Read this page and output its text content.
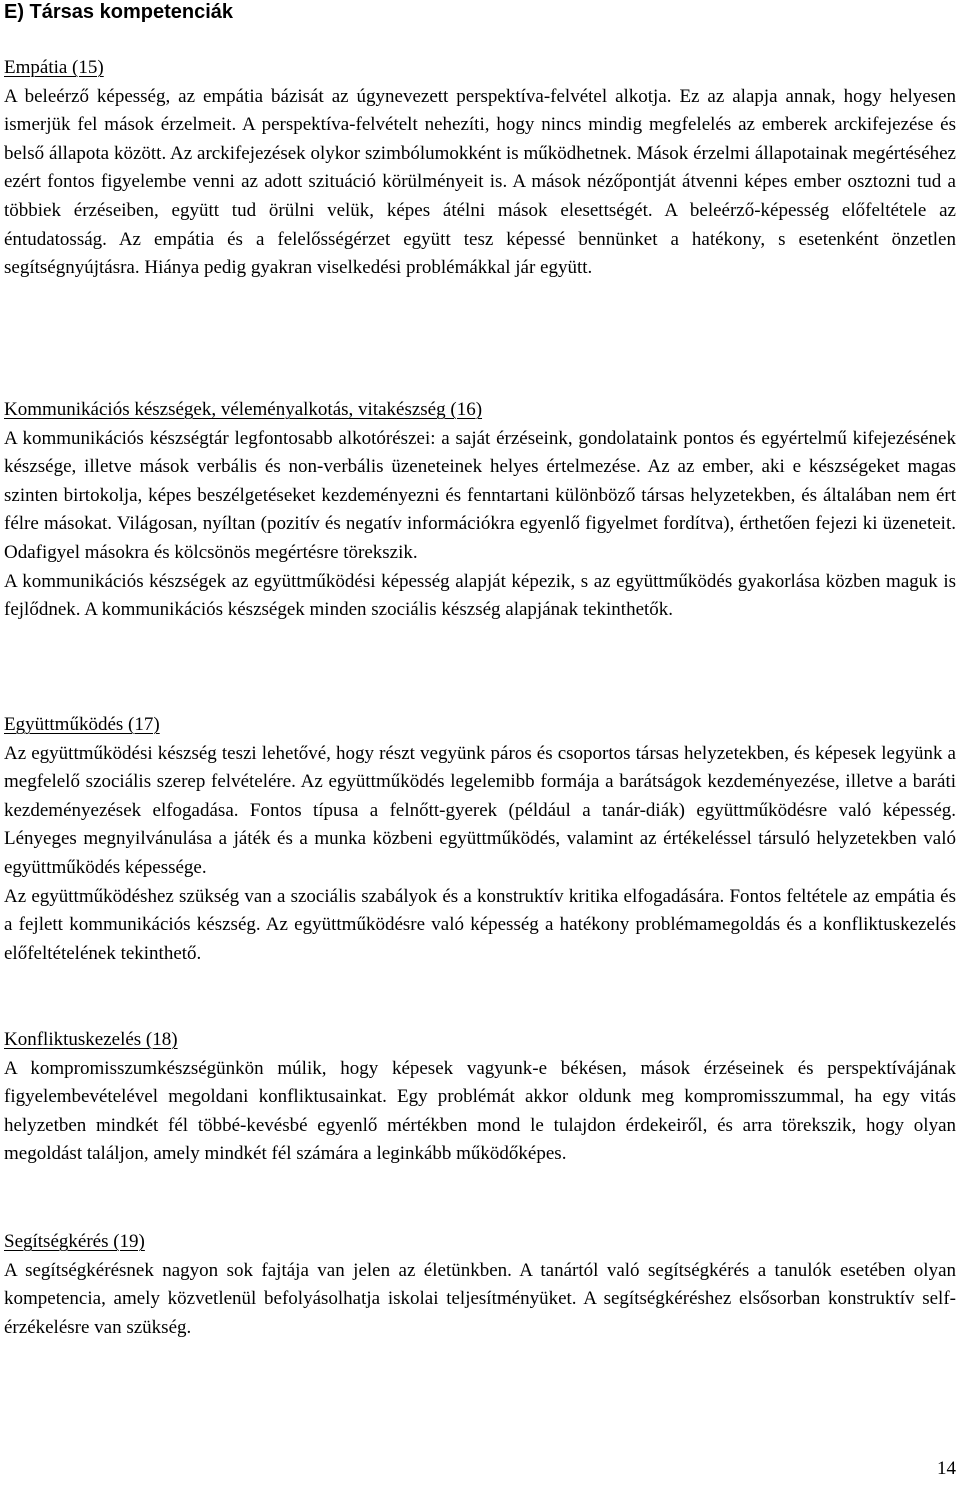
E) Társas kompetenciák

Empátia (15)

A beleérző képesség, az empátia bázisát az úgynevezett perspektíva-felvétel alkotja. Ez az alapja annak, hogy helyesen ismerjük fel mások érzelmeit. A perspektíva-felvételt nehezíti, hogy nincs mindig megfelelés az emberek arckifejezése és belső állapota között. Az arckifejezések olykor szimbólumokként is működhetnek. Mások érzelmi állapotainak megértéséhez ezért fontos figyelembe venni az adott szituáció körülményeit is. A mások nézőpontját átvenni képes ember osztozni tud a többiek érzéseiben, együtt tud örülni velük, képes átélni mások elesettségét. A beleérző-képesség előfeltétele az éntudatosság. Az empátia és a felelősségérzet együtt tesz képessé bennünket a hatékony, s esetenként önzetlen segítségnyújtásra. Hiánya pedig gyakran viselkedési problémákkal jár együtt.

Kommunikációs készségek, véleményalkotás, vitakészség (16)

A kommunikációs készségtár legfontosabb alkotórészei: a saját érzéseink, gondolataink pontos és egyértelmű kifejezésének készsége, illetve mások verbális és non-verbális üzeneteinek helyes értelmezése. Az az ember, aki e készségeket magas szinten birtokolja, képes beszélgetéseket kezdeményezni és fenntartani különböző társas helyzetekben, és általában nem ért félre másokat. Világosan, nyíltan (pozitív és negatív információkra egyenlő figyelmet fordítva), érthetően fejezi ki üzeneteit. Odafigyel másokra és kölcsönös megértésre törekszik.

A kommunikációs készségek az együttműködési képesség alapját képezik, s az együttműködés gyakorlása közben maguk is fejlődnek. A kommunikációs készségek minden szociális készség alapjának tekinthetők.

Együttműködés (17)

Az együttműködési készség teszi lehetővé, hogy részt vegyünk páros és csoportos társas helyzetekben, és képesek legyünk a megfelelő szociális szerep felvételére. Az együttműködés legelemibb formája a barátságok kezdeményezése, illetve a baráti kezdeményezések elfogadása. Fontos típusa a felnőtt-gyerek (például a tanár-diák) együttműködésre való képesség. Lényeges megnyilvánulása a játék és a munka közbeni együttműködés, valamint az értékeléssel társuló helyzetekben való együttműködés képessége.

Az együttműködéshez szükség van a szociális szabályok és a konstruktív kritika elfogadására. Fontos feltétele az empátia és a fejlett kommunikációs készség. Az együttműködésre való képesség a hatékony problémamegoldás és a konfliktuskezelés előfeltételének tekinthető.

Konfliktuskezelés (18)

A kompromisszumkészségünkön múlik, hogy képesek vagyunk-e békésen, mások érzéseinek és perspektívájának figyelembevételével megoldani konfliktusainkat. Egy problémát akkor oldunk meg kompromisszummal, ha egy vitás helyzetben mindkét fél többé-kevésbé egyenlő mértékben mond le tulajdon érdekeiről, és arra törekszik, hogy olyan megoldást találjon, amely mindkét fél számára a leginkább működőképes.

Segítségkérés (19)

A segítségkérésnek nagyon sok fajtája van jelen az életünkben. A tanártól való segítségkérés a tanulók esetében olyan kompetencia, amely közvetlenül befolyásolhatja iskolai teljesítményüket. A segítségkéréshez elsősorban konstruktív self-érzékelésre van szükség.

14
